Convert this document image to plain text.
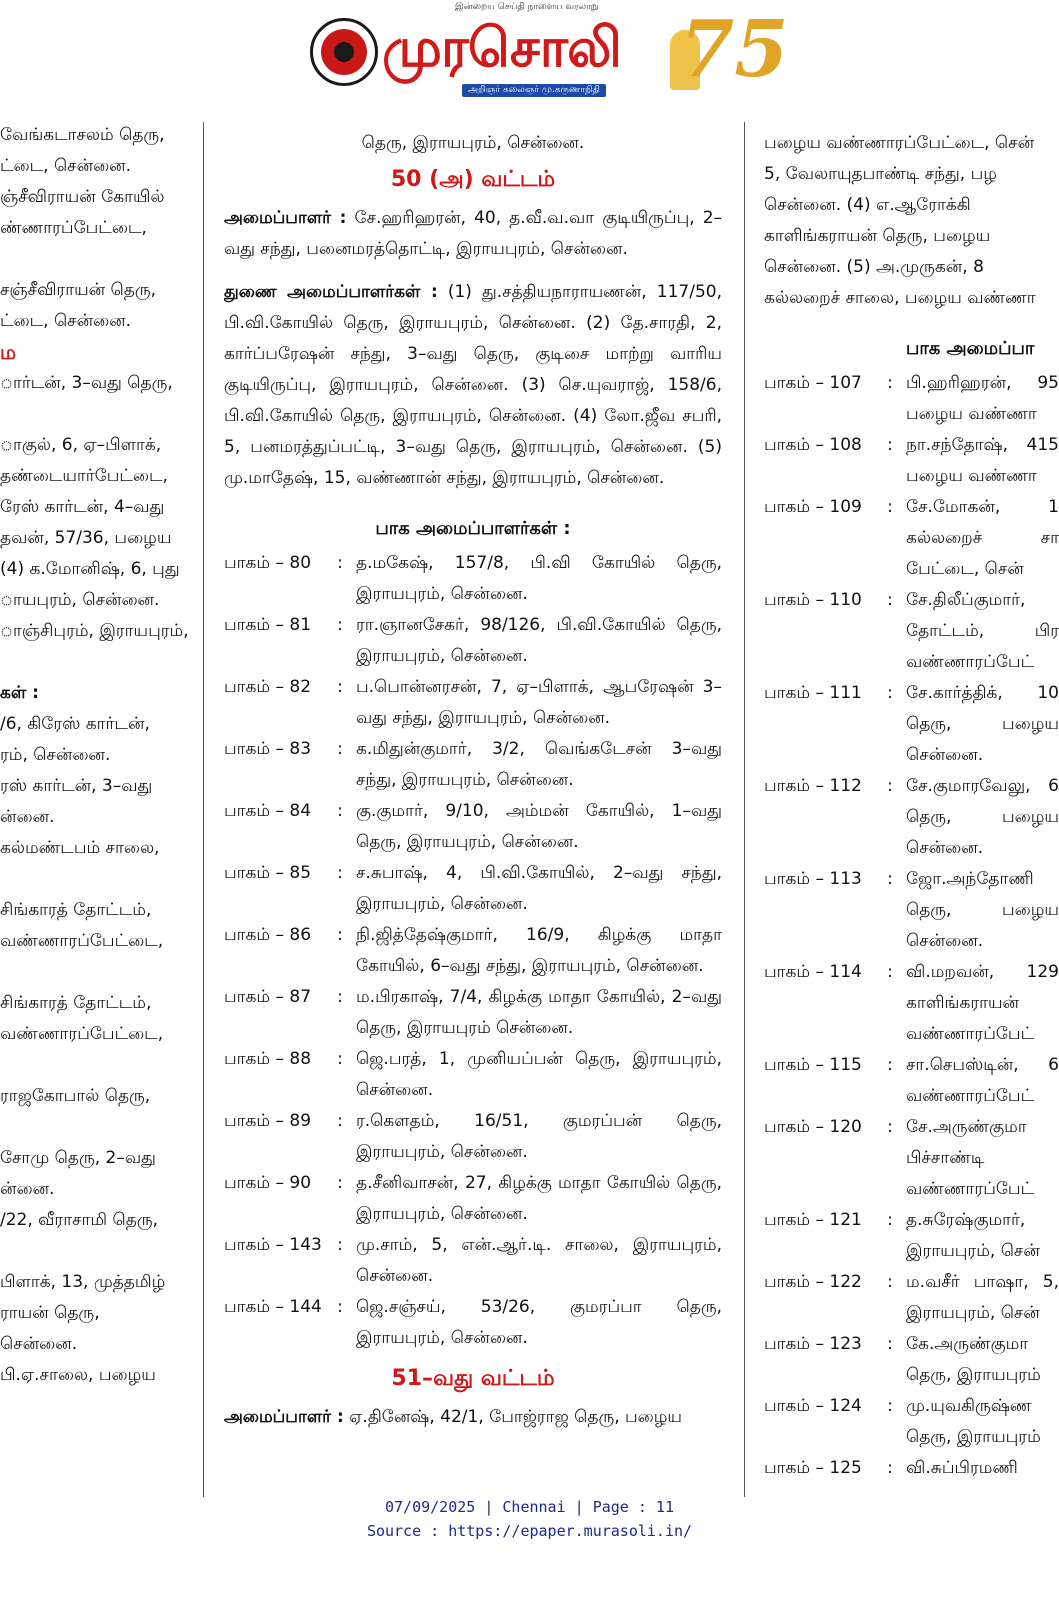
இன்றைய செய்தி நாளைய வரலாறு
முரசொலி
அறிஞர் கலைஞர் மு.கருணாநிதி 75
வேங்கடாசலம் தெரு,
ட்டை, சென்னை.
ஞ்சீவிராயன் கோயில்
ண்ணாரப்பேட்டை,

சஞ்சீவிராயன் தெரு,
ட்டை, சென்னை.
ம
ார்டன், 3–வது தெரு,

ாகுல், 6, ஏ–பிளாக்,
தண்டையார்பேட்டை,
ரேஸ் கார்டன், 4–வது
தவன், 57/36, பழைய
(4) க.மோனிஷ், 6, புது
ாயபுரம், சென்னை.
ாஞ்சிபுரம், இராயபுரம்,

கள் :
/6, கிரேஸ் கார்டன்,
ரம், சென்னை.
ரஸ் கார்டன், 3–வது
ன்னை.
கல்மண்டபம் சாலை,

சிங்காரத் தோட்டம்,
வண்ணாரப்பேட்டை,

சிங்காரத் தோட்டம்,
வண்ணாரப்பேட்டை,

ராஜகோபால் தெரு,

சோமு தெரு, 2–வது
ன்னை.
/22, வீராசாமி தெரு,

பிளாக், 13, முத்தமிழ்
ராயன் தெரு,
சென்னை.
பி.ஏ.சாலை, பழைய
தெரு, இராயபுரம், சென்னை.
50 (அ) வட்டம்

அமைப்பாளர் : சே.ஹரிஹரன், 40, த.வீ.வ.வா குடியிருப்பு, 2–வது சந்து, பனைமரத்தொட்டி, இராயபுரம், சென்னை.

துணை அமைப்பாளர்கள் : (1) து.சத்தியநாராயணன், 117/50, பி.வி.கோயில் தெரு, இராயபுரம், சென்னை. (2) தே.சாரதி, 2, கார்ப்பரேஷன் சந்து, 3–வது தெரு, குடிசை மாற்று வாரிய குடியிருப்பு, இராயபுரம், சென்னை. (3) செ.யுவராஜ், 158/6, பி.வி.கோயில் தெரு, இராயபுரம், சென்னை. (4) லோ.ஜீவ சபரி, 5, பனமரத்துப்பட்டி, 3–வது தெரு, இராயபுரம், சென்னை. (5) மு.மாதேஷ், 15, வண்ணான் சந்து, இராயபுரம், சென்னை.

பாக அமைப்பாளர்கள் :
பாகம் – 80	: த.மகேஷ், 157/8, பி.வி கோயில் தெரு, இராயபுரம், சென்னை.
பாகம் – 81	: ரா.ஞானசேகர், 98/126, பி.வி.கோயில் தெரு, இராயபுரம், சென்னை.
பாகம் – 82	: ப.பொன்னரசன், 7, ஏ–பிளாக், ஆபரேஷன் 3–வது சந்து, இராயபுரம், சென்னை.
பாகம் – 83	: க.மிதுன்குமார், 3/2, வெங்கடேசன் 3–வது சந்து, இராயபுரம், சென்னை.
பாகம் – 84	: கு.குமார், 9/10, அம்மன் கோயில், 1–வது தெரு, இராயபுரம், சென்னை.
பாகம் – 85	: ச.சுபாஷ், 4, பி.வி.கோயில், 2–வது சந்து, இராயபுரம், சென்னை.
பாகம் – 86	: நி.ஜித்தேஷ்குமார், 16/9, கிழக்கு மாதா கோயில், 6–வது சந்து, இராயபுரம், சென்னை.
பாகம் – 87	: ம.பிரகாஷ், 7/4, கிழக்கு மாதா கோயில், 2–வது தெரு, இராயபுரம் சென்னை.
பாகம் – 88	: ஜெ.பரத், 1, முனியப்பன் தெரு, இராயபுரம், சென்னை.
பாகம் – 89	: ர.கௌதம், 16/51, குமரப்பன் தெரு, இராயபுரம், சென்னை.
பாகம் – 90	: த.சீனிவாசன், 27, கிழக்கு மாதா கோயில் தெரு, இராயபுரம், சென்னை.
பாகம் – 143 : மு.சாம், 5, என்.ஆர்.டி. சாலை, இராயபுரம், சென்னை.
பாகம் – 144 : ஜெ.சஞ்சய், 53/26, குமரப்பா தெரு, இராயபுரம், சென்னை.
51–வது வட்டம்

அமைப்பாளர் : ஏ.தினேஷ், 42/1, போஜ்ராஜ தெரு, பழைய

பழைய வண்ணாரப்பேட்டை, சென்
5, வேலாயுதபாண்டி சந்து, பழ
சென்னை. (4) எ.ஆரோக்கி
காளிங்கராயன் தெரு, பழைய
சென்னை. (5) அ.முருகன், 8
கல்லறைச் சாலை, பழைய வண்ணா
பாக அமைப்பா
பாகம் – 107	: பி.ஹரிஹரன், 95 பழைய வண்ணா
பாகம் – 108	: நா.சந்தோஷ், 415 பழைய வண்ணா
பாகம் – 109	: சே.மோகன், 1 கல்லறைச் சா பேட்டை, சென்
பாகம் – 110	: சே.திலீப்குமார், தோட்டம், பிர வண்ணாரப்பேட்
பாகம் – 111	: சே.கார்த்திக், 10 தெரு, பழைய சென்னை.
பாகம் – 112	: சே.குமாரவேலு, 6 தெரு, பழைய சென்னை.
பாகம் – 113	: ஜோ.அந்தோணி தெரு, பழைய சென்னை.
பாகம் – 114	: வி.மறவன், 129 காளிங்கராயன் வண்ணாரப்பேட்
பாகம் – 115	: சா.செபஸ்டின், 6 வண்ணாரப்பேட்
பாகம் – 120	: சே.அருண்குமா பிச்சாண்டி வண்ணாரப்பேட்
பாகம் – 121	: த.சுரேஷ்குமார், இராயபுரம், சென்
பாகம் – 122	: ம.வசீர் பாஷா, 5, இராயபுரம், சென்
பாகம் – 123	: கே.அருண்குமா தெரு, இராயபுரம்
பாகம் – 124	: மு.யுவகிருஷ்ண தெரு, இராயபுரம்
பாகம் – 125	: வி.சுப்பிரமணி
07/09/2025 | Chennai | Page : 11
Source : https://epaper.murasoli.in/
